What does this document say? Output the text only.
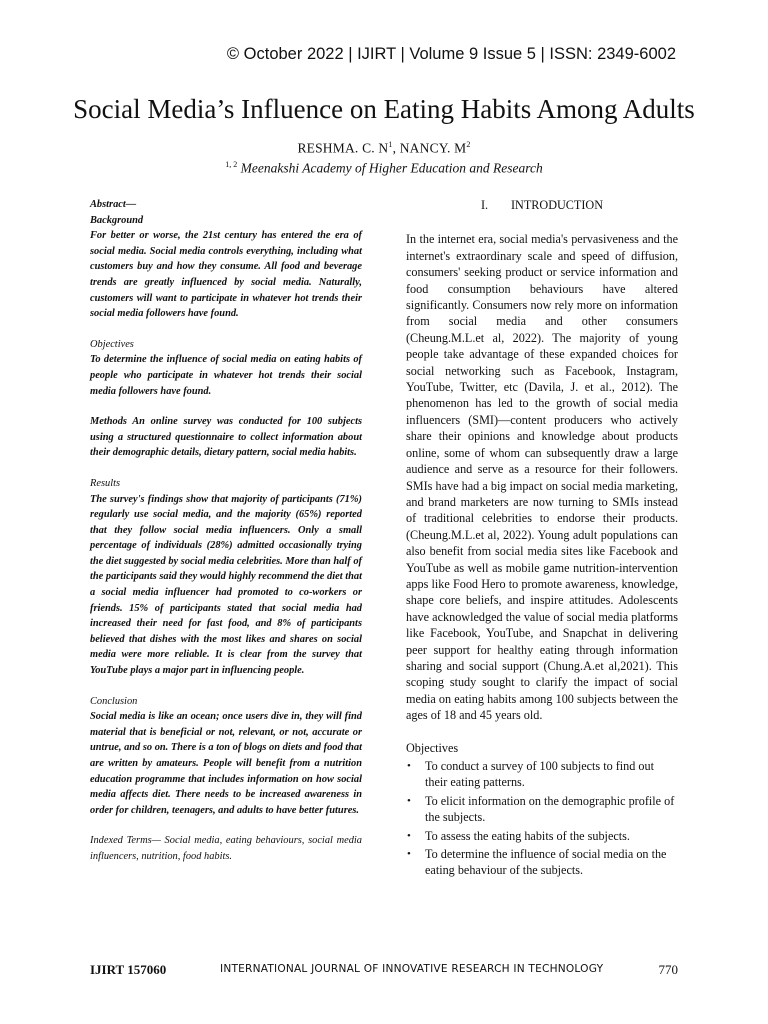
© October 2022 | IJIRT | Volume 9 Issue 5 | ISSN: 2349-6002
Social Media’s Influence on Eating Habits Among Adults
RESHMA. C. $N^1$, NANCY. $M^2$
$^{1, 2}$ Meenakshi Academy of Higher Education and Research

Abstract—

Background

For better or worse, the 21st century has entered the era of social media. Social media controls everything, including what customers buy and how they consume. All food and beverage trends are greatly influenced by social media. Naturally, customers will want to participate in whatever hot trends their social media followers have found.

Objectives

To determine the influence of social media on eating habits of people who participate in whatever hot trends their social media followers have found.

Methods An online survey was conducted for 100 subjects using a structured questionnaire to collect information about their demographic details, dietary pattern, social media habits.

Results

The survey's findings show that majority of participants (71%) regularly use social media, and the majority (65%) reported that they follow social media influencers. Only a small percentage of individuals (28%) admitted occasionally trying the diet suggested by social media celebrities. More than half of the participants said they would highly recommend the diet that a social media influencer had promoted to co-workers or friends. 15% of participants stated that social media had increased their need for fast food, and 8% of participants believed that dishes with the most likes and shares on social media were more reliable. It is clear from the survey that YouTube plays a major part in influencing people.

Conclusion

Social media is like an ocean; once users dive in, they will find material that is beneficial or not, relevant, or not, accurate or untrue, and so on. There is a ton of blogs on diets and food that are written by amateurs. People will benefit from a nutrition education programme that includes information on how social media affects diet. There needs to be increased awareness in order for children, teenagers, and adults to have better futures.

Indexed Terms— Social media, eating behaviours, social media influencers, nutrition, food habits.

I. INTRODUCTION

In the internet era, social media's pervasiveness and the internet's extraordinary scale and speed of diffusion, consumers' seeking product or service information and food consumption behaviours have altered significantly. Consumers now rely more on information from social media and other consumers (Cheung.M.L.et al, 2022). The majority of young people take advantage of these expanded choices for social networking such as Facebook, Instagram, YouTube, Twitter, etc (Davila, J. et al., 2012). The phenomenon has led to the growth of social media influencers (SMI)—content producers who actively share their opinions and knowledge about products online, some of whom can subsequently draw a large audience and serve as a resource for their followers. SMIs have had a big impact on social media marketing, and brand marketers are now turning to SMIs instead of traditional celebrities to endorse their products. (Cheung.M.L.et al, 2022). Young adult populations can also benefit from social media sites like Facebook and YouTube as well as mobile game nutrition-intervention apps like Food Hero to promote awareness, knowledge, shape core beliefs, and inspire attitudes. Adolescents have acknowledged the value of social media platforms like Facebook, YouTube, and Snapchat in delivering peer support for healthy eating through information sharing and social support (Chung.A.et al,2021). This scoping study sought to clarify the impact of social media on eating habits among 100 subjects between the ages of 18 and 45 years old.

Objectives

• To conduct a survey of 100 subjects to find out their eating patterns.
• To elicit information on the demographic profile of the subjects.
• To assess the eating habits of the subjects.
• To determine the influence of social media on the eating behaviour of the subjects.
IJIRT 157060	INTERNATIONAL JOURNAL OF INNOVATIVE RESEARCH IN TECHNOLOGY	770
